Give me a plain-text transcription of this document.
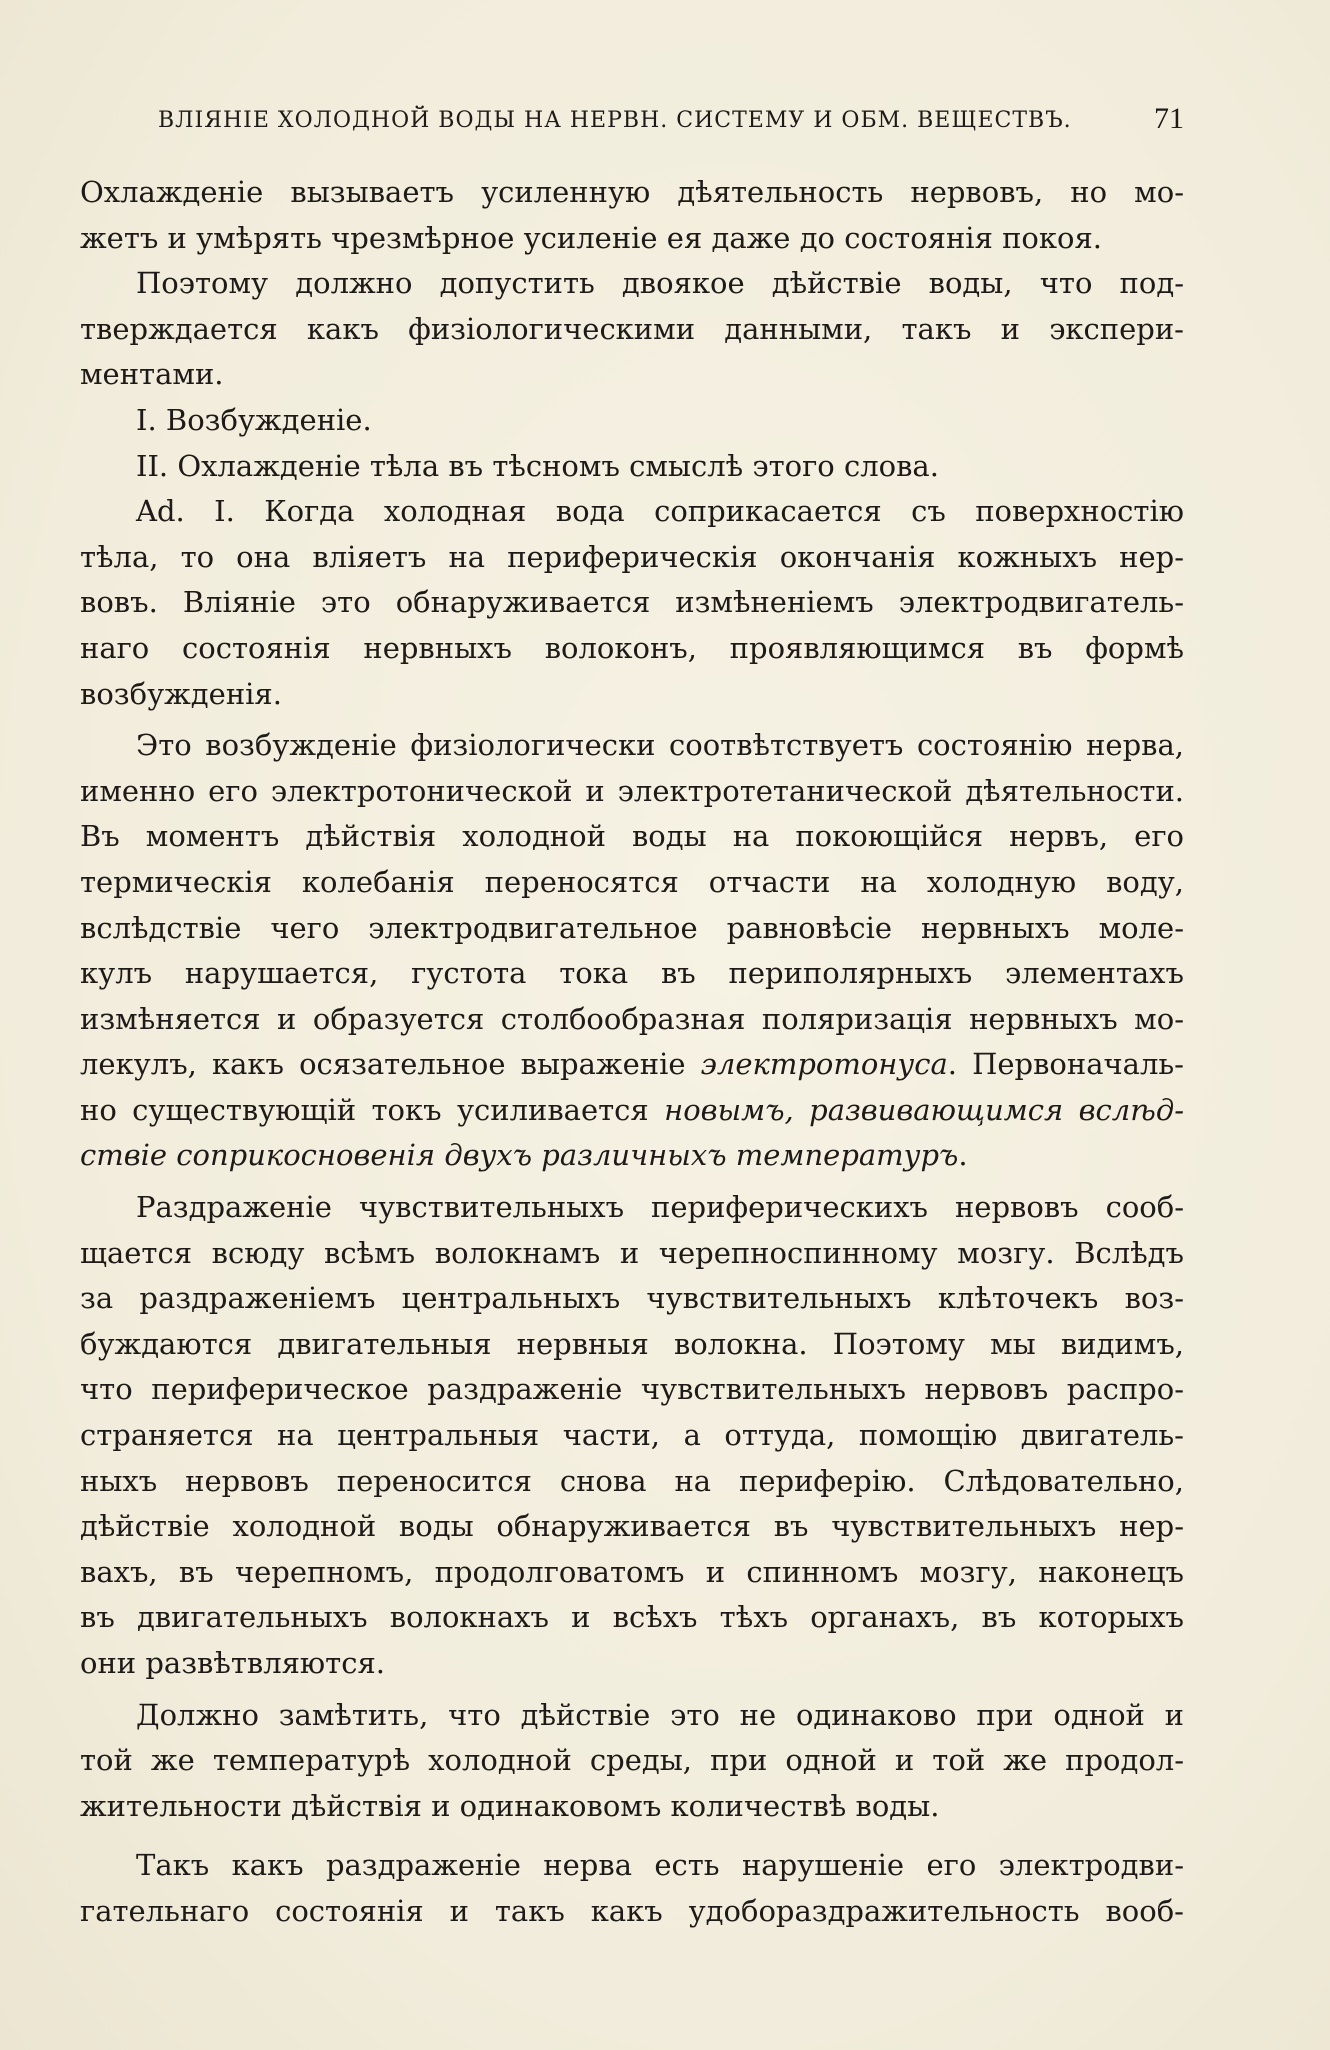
ВЛІЯНІЕ ХОЛОДНОЙ ВОДЫ НА НЕРВН. СИСТЕМУ И ОБМ. ВЕЩЕСТВЪ.	71
Охлажденіе вызываетъ усиленную дѣятельность нервовъ, но мо-
жетъ и умѣрять чрезмѣрное усиленіе ея даже до состоянія покоя.
Поэтому должно допустить двоякое дѣйствіе воды, что под-
тверждается какъ физіологическими данными, такъ и экспери-
ментами.
I. Возбужденіе.
II. Охлажденіе тѣла въ тѣсномъ смыслѣ этого слова.
Ad. I. Когда холодная вода соприкасается съ поверхностію
тѣла, то она вліяетъ на периферическія окончанія кожныхъ нер-
вовъ. Вліяніе это обнаруживается измѣненіемъ электродвигатель-
наго состоянія нервныхъ волоконъ, проявляющимся въ формѣ
возбужденія.
Это возбужденіе физіологически соотвѣтствуетъ состоянію нерва,
именно его электротонической и электротетанической дѣятельности.
Въ моментъ дѣйствія холодной воды на покоющійся нервъ, его
термическія колебанія переносятся отчасти на холодную воду,
вслѣдствіе чего электродвигательное равновѣсіе нервныхъ моле-
кулъ нарушается, густота тока въ периполярныхъ элементахъ
измѣняется и образуется столбообразная поляризація нервныхъ мо-
лекулъ, какъ осязательное выраженіе электротонуса. Первоначаль-
но существующій токъ усиливается новымъ, развивающимся вслѣд-
ствіе соприкосновенія двухъ различныхъ температуръ.
Раздраженіе чувствительныхъ периферическихъ нервовъ сооб-
щается всюду всѣмъ волокнамъ и черепноспинному мозгу. Вслѣдъ
за раздраженіемъ центральныхъ чувствительныхъ клѣточекъ воз-
буждаются двигательныя нервныя волокна. Поэтому мы видимъ,
что периферическое раздраженіе чувствительныхъ нервовъ распро-
страняется на центральныя части, а оттуда, помощію двигатель-
ныхъ нервовъ переносится снова на периферію. Слѣдовательно,
дѣйствіе холодной воды обнаруживается въ чувствительныхъ нер-
вахъ, въ черепномъ, продолговатомъ и спинномъ мозгу, наконецъ
въ двигательныхъ волокнахъ и всѣхъ тѣхъ органахъ, въ которыхъ
они развѣтвляются.
Должно замѣтить, что дѣйствіе это не одинаково при одной и
той же температурѣ холодной среды, при одной и той же продол-
жительности дѣйствія и одинаковомъ количествѣ воды.
Такъ какъ раздраженіе нерва есть нарушеніе его электродви-
гательнаго состоянія и такъ какъ удобораздражительность вооб-
